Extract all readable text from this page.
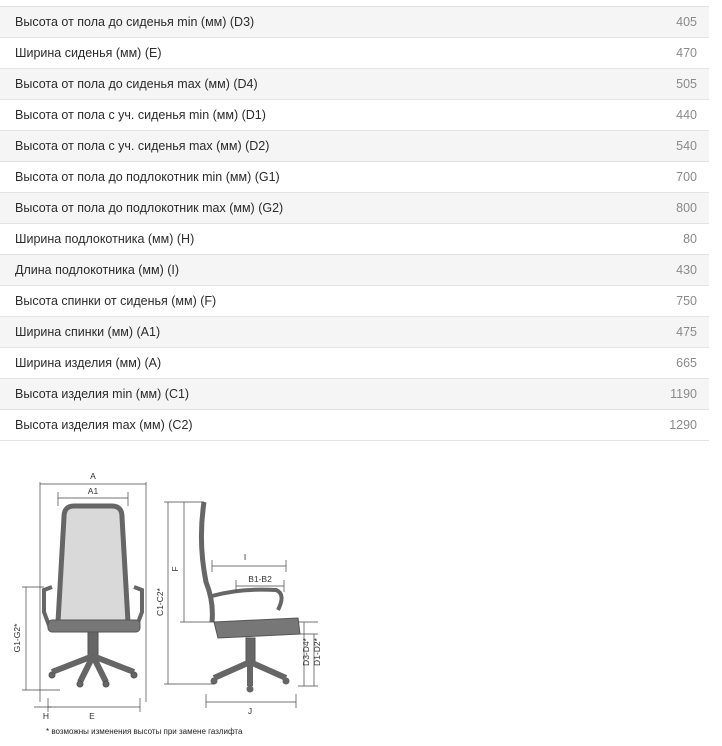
Высота от пола до сиденья min (мм) (D3)	405
Ширина сиденья (мм) (E)	470
Высота от пола до сиденья max (мм) (D4)	505
Высота от пола с уч. сиденья min (мм) (D1)	440
Высота от пола с уч. сиденья max (мм) (D2)	540
Высота от пола до подлокотник min (мм) (G1)	700
Высота от пола до подлокотник max (мм) (G2)	800
Ширина подлокотника (мм) (H)	80
Длина подлокотника (мм) (I)	430
Высота спинки от сиденья (мм) (F)	750
Ширина спинки (мм) (A1)	475
Ширина изделия (мм) (A)	665
Высота изделия min (мм) (C1)	1190
Высота изделия max (мм) (C2)	1290
A
A1
G1-G2*
H	E
F
C1-C2*
I
B1-B2
D3-D4* D1-D2*
J
* возможны изменения высоты при замене газлифта
